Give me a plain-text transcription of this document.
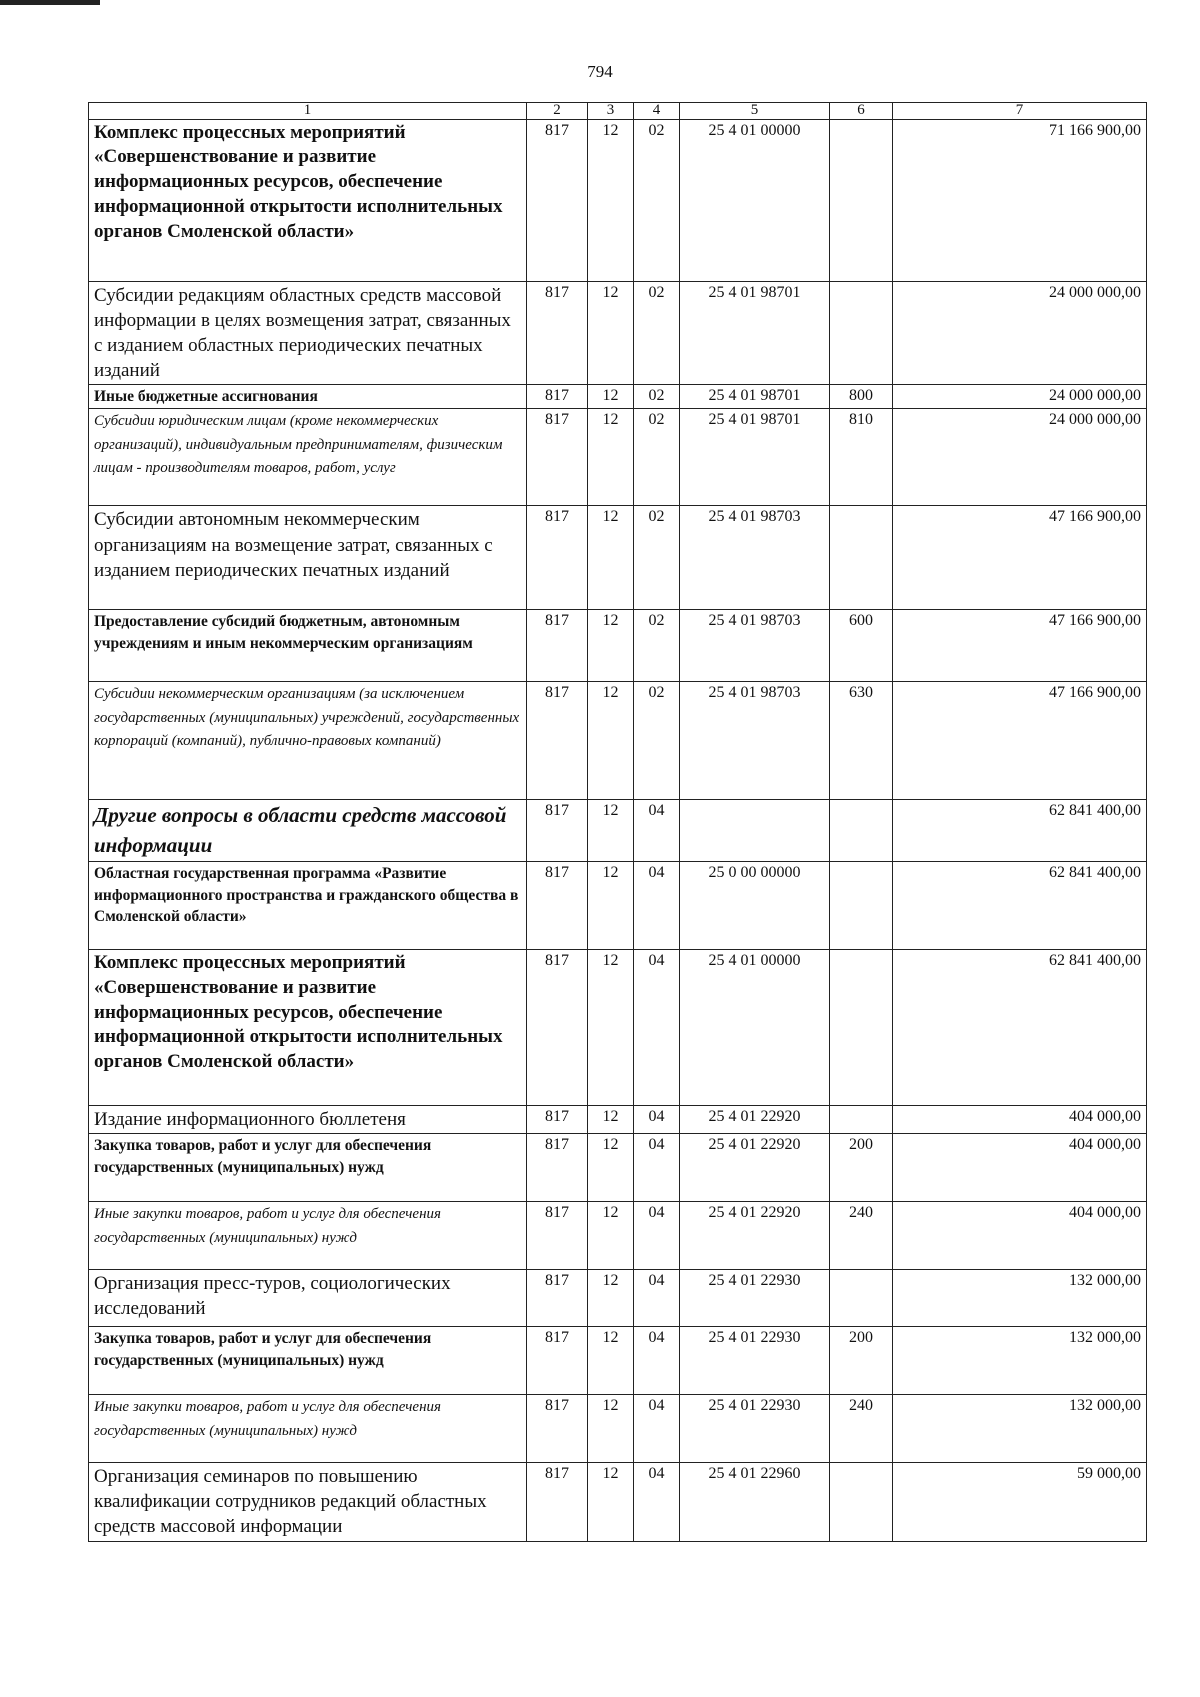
794
1	2	3	4	5	6	7
Комплекс процессных мероприятий «Совершенствование и развитие информационных ресурсов, обеспечение информационной открытости исполнительных органов Смоленской области»	817	12	02	25 4 01 00000		71 166 900,00
Субсидии редакциям областных средств массовой информации в целях возмещения затрат, связанных с изданием областных периодических печатных изданий	817	12	02	25 4 01 98701		24 000 000,00
Иные бюджетные ассигнования	817	12	02	25 4 01 98701	800	24 000 000,00
Субсидии юридическим лицам (кроме некоммерческих организаций), индивидуальным предпринимателям, физическим лицам - производителям товаров, работ, услуг	817	12	02	25 4 01 98701	810	24 000 000,00
Субсидии автономным некоммерческим организациям на возмещение затрат, связанных с изданием периодических печатных изданий	817	12	02	25 4 01 98703		47 166 900,00
Предоставление субсидий бюджетным, автономным учреждениям и иным некоммерческим организациям	817	12	02	25 4 01 98703	600	47 166 900,00
Субсидии некоммерческим организациям (за исключением государственных (муниципальных) учреждений, государственных корпораций (компаний), публично-правовых компаний)	817	12	02	25 4 01 98703	630	47 166 900,00
Другие вопросы в области средств массовой информации	817	12	04			62 841 400,00
Областная государственная программа «Развитие информационного пространства и гражданского общества в Смоленской области»	817	12	04	25 0 00 00000		62 841 400,00
Комплекс процессных мероприятий «Совершенствование и развитие информационных ресурсов, обеспечение информационной открытости исполнительных органов Смоленской области»	817	12	04	25 4 01 00000		62 841 400,00
Издание информационного бюллетеня	817	12	04	25 4 01 22920		404 000,00
Закупка товаров, работ и услуг для обеспечения государственных (муниципальных) нужд	817	12	04	25 4 01 22920	200	404 000,00
Иные закупки товаров, работ и услуг для обеспечения государственных (муниципальных) нужд	817	12	04	25 4 01 22920	240	404 000,00
Организация пресс-туров, социологических исследований	817	12	04	25 4 01 22930		132 000,00
Закупка товаров, работ и услуг для обеспечения государственных (муниципальных) нужд	817	12	04	25 4 01 22930	200	132 000,00
Иные закупки товаров, работ и услуг для обеспечения государственных (муниципальных) нужд	817	12	04	25 4 01 22930	240	132 000,00
Организация семинаров по повышению квалификации сотрудников редакций областных средств массовой информации	817	12	04	25 4 01 22960		59 000,00
